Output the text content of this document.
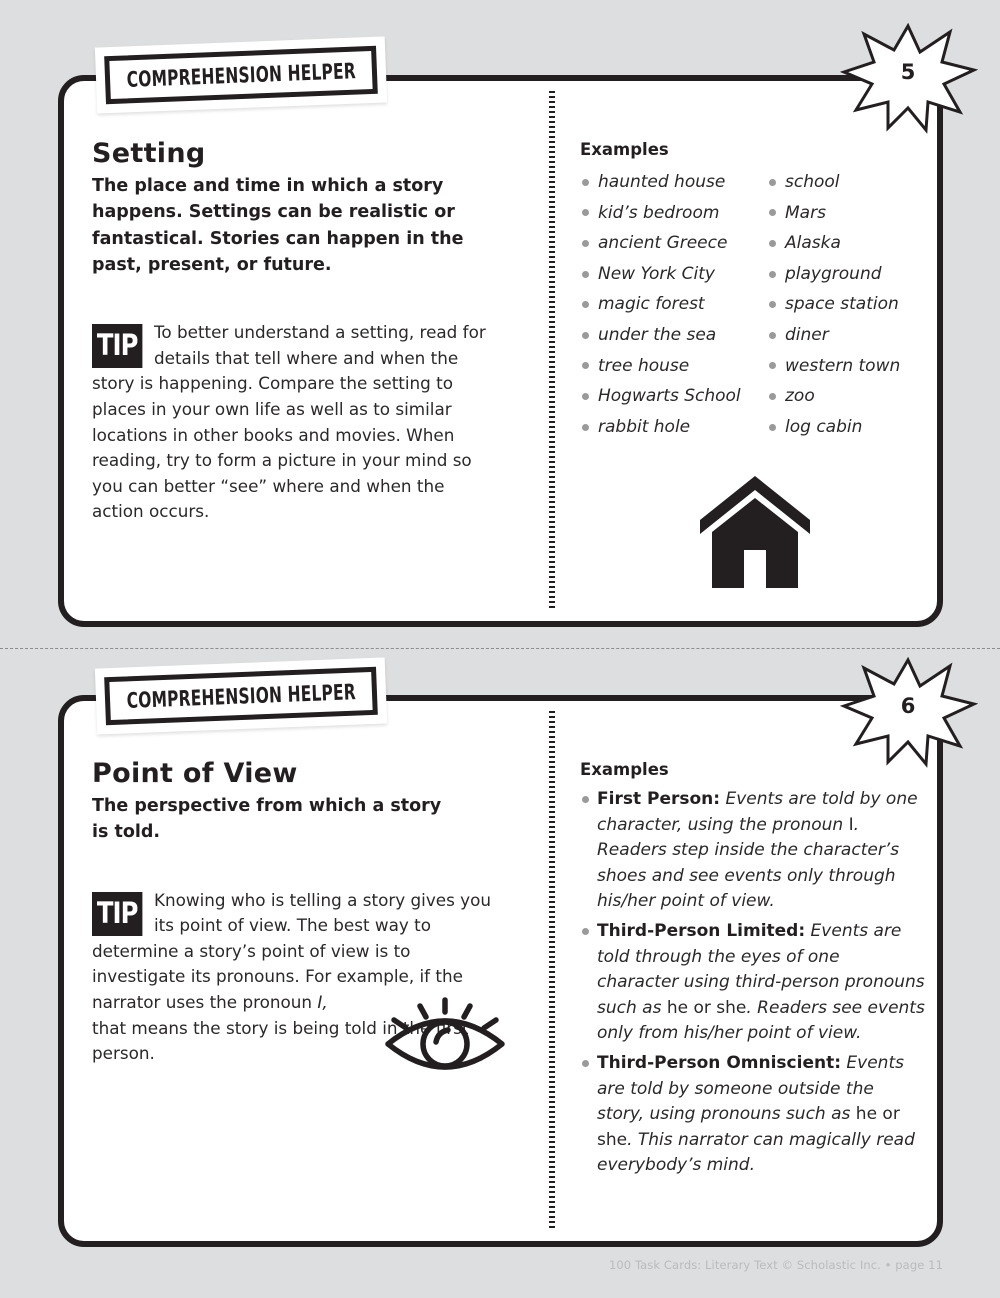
Setting
The place and time in which a story happens. Settings can be realistic or fantastical. Stories can happen in the past, present, or future.
TIP To better understand a setting, read for details that tell where and when the story is happening. Compare the setting to places in your own life as well as to similar locations in other books and movies. When reading, try to form a picture in your mind so you can better “see” where and when the action occurs.
Examples
haunted house	school
kid’s bedroom	Mars
ancient Greece	Alaska
New York City	playground
magic forest	space station
under the sea	diner
tree house	western town
Hogwarts School	zoo
rabbit hole	log cabin
COMPREHENSION HELPER	5
Point of View
The perspective from which a story is told.
TIP Knowing who is telling a story gives you its point of view. The best way to determine a story’s point of view is to investigate its pronouns. For example, if the narrator uses the pronoun I,
that means the story is being told in the first person.
Examples
First Person: Events are told by one character, using the pronoun I. Readers step inside the character’s shoes and see events only through his/her point of view.
Third-Person Limited: Events are told through the eyes of one character using third-person pronouns such as he or she. Readers see events only from his/her point of view.
Third-Person Omniscient: Events are told by someone outside the story, using pronouns such as he or she. This narrator can magically read everybody’s mind.
COMPREHENSION HELPER	6
100 Task Cards: Literary Text © Scholastic Inc. • page 11
